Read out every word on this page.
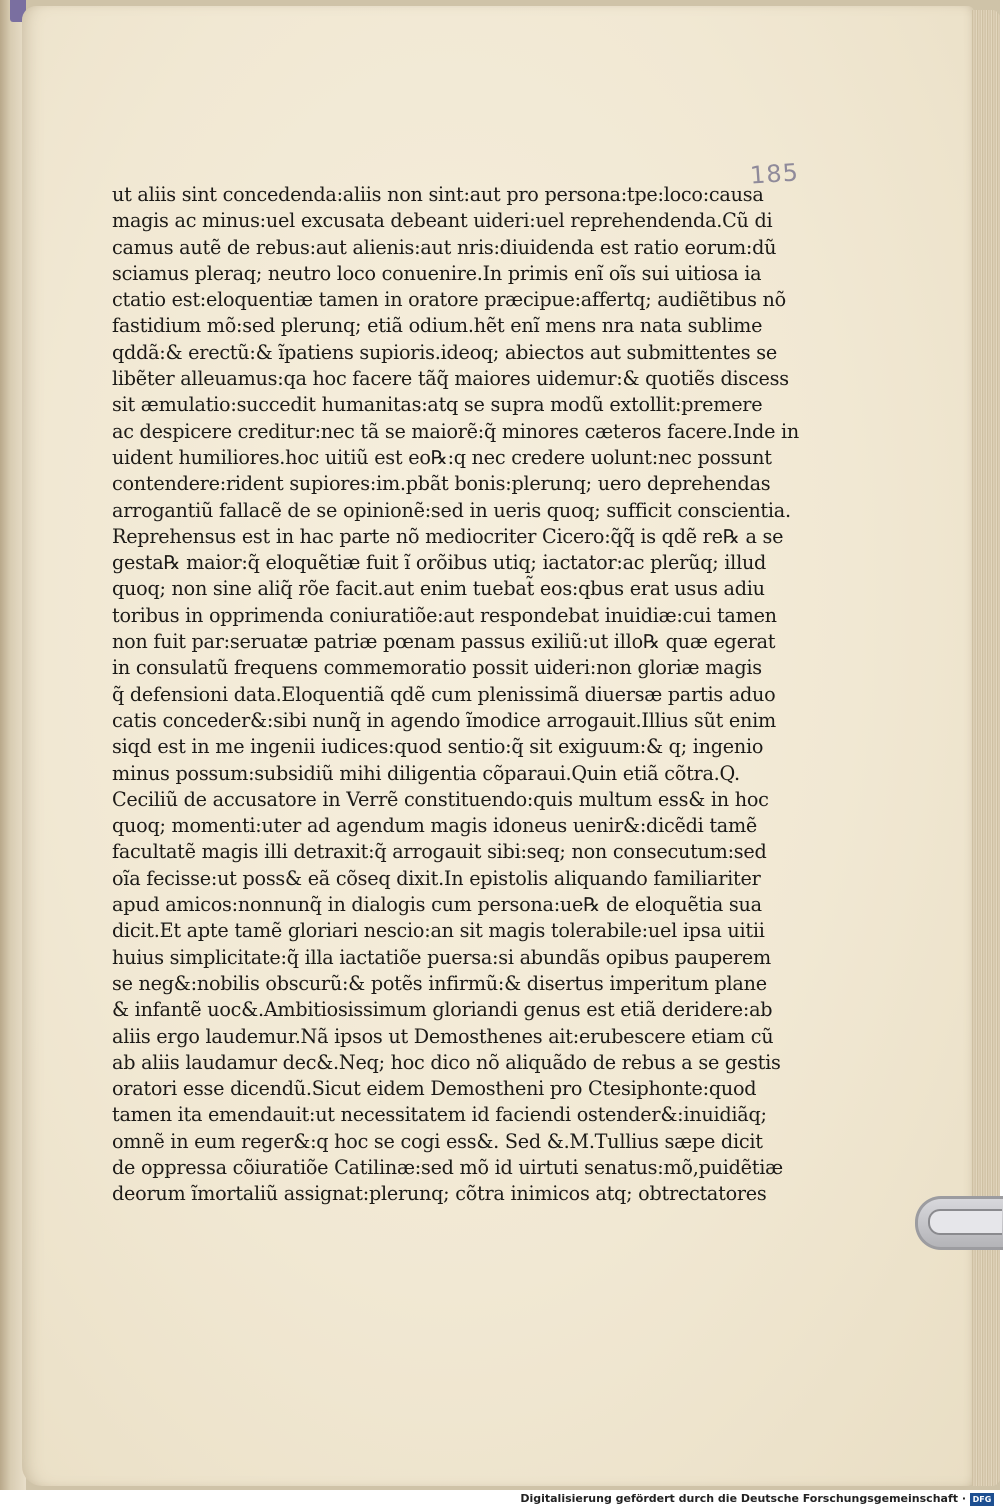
185
ut aliis sint concedenda:aliis non sint:aut pro persona:tpe:loco:causa
magis ac minus:uel excusata debeant uideri:uel reprehendenda.Cũ di
camus autẽ de rebus:aut alienis:aut nris:diuidenda est ratio eorum:dũ
sciamus pleraq; neutro loco conuenire.In primis enĩ oĩs sui uitiosa ia
ctatio est:eloquentiæ tamen in oratore præcipue:affertq; audiẽtibus nõ
fastidium mõ:sed plerunq; etiã odium.hẽt enĩ mens nra nata sublime
qddã:& erectũ:& ĩpatiens supioris.ideoq; abiectos aut submittentes se
libẽter alleuamus:qa hoc facere tãq̃ maiores uidemur:& quotiẽs discess
sit æmulatio:succedit humanitas:atq se supra modũ extollit:premere
ac despicere creditur:nec tã se maiorẽ:q̃ minores cæteros facere.Inde in
uident humiliores.hoc uitiũ est eo℞:q nec credere uolunt:nec possunt
contendere:rident supiores:im.pbãt bonis:plerunq; uero deprehendas
arrogantiũ fallacẽ de se opinionẽ:sed in ueris quoq; sufficit conscientia.
Reprehensus est in hac parte nõ mediocriter Cicero:q̃q̃ is qdẽ re℞ a se
gesta℞ maior:q̃ eloquẽtiæ fuit ĩ orõibus utiq; iactator:ac plerũq; illud
quoq; non sine aliq̃ rõe facit.aut enim tuebat̃ eos:qbus erat usus adiu
toribus in opprimenda coniuratiõe:aut respondebat inuidiæ:cui tamen
non fuit par:seruatæ patriæ pœnam passus exiliũ:ut illo℞ quæ egerat
in consulatũ frequens commemoratio possit uideri:non gloriæ magis
q̃ defensioni data.Eloquentiã qdẽ cum plenissimã diuersæ partis aduo
catis conceder&:sibi nunq̃ in agendo ĩmodice arrogauit.Illius sũt enim
siqd est in me ingenii iudices:quod sentio:q̃ sit exiguum:& q; ingenio
minus possum:subsidiũ mihi diligentia cõparaui.Quin etiã cõtra.Q.
Ceciliũ de accusatore in Verrẽ constituendo:quis multum ess& in hoc
quoq; momenti:uter ad agendum magis idoneus uenir&:dicẽdi tamẽ
facultatẽ magis illi detraxit:q̃ arrogauit sibi:seq; non consecutum:sed
oĩa fecisse:ut poss& eã cõseq dixit.In epistolis aliquando familiariter
apud amicos:nonnunq̃ in dialogis cum persona:ue℞ de eloquẽtia sua
dicit.Et apte tamẽ gloriari nescio:an sit magis tolerabile:uel ipsa uitii
huius simplicitate:q̃ illa iactatiõe puersa:si abundãs opibus pauperem
se neg&:nobilis obscurũ:& potẽs infirmũ:& disertus imperitum plane
& infantẽ uoc&.Ambitiosissimum gloriandi genus est etiã deridere:ab
aliis ergo laudemur.Nã ipsos ut Demosthenes ait:erubescere etiam cũ
ab aliis laudamur dec&.Neq; hoc dico nõ aliquãdo de rebus a se gestis
oratori esse dicendũ.Sicut eidem Demostheni pro Ctesiphonte:quod
tamen ita emendauit:ut necessitatem id faciendi ostender&:inuidiãq;
omnẽ in eum reger&:q hoc se cogi ess&. Sed &.M.Tullius sæpe dicit
de oppressa cõiuratiõe Catilinæ:sed mõ id uirtuti senatus:mõ,puidẽtiæ
deorum ĩmortaliũ assignat:plerunq; cõtra inimicos atq; obtrectatores
Digitalisierung gefördert durch die Deutsche Forschungsgemeinschaft · DFG
